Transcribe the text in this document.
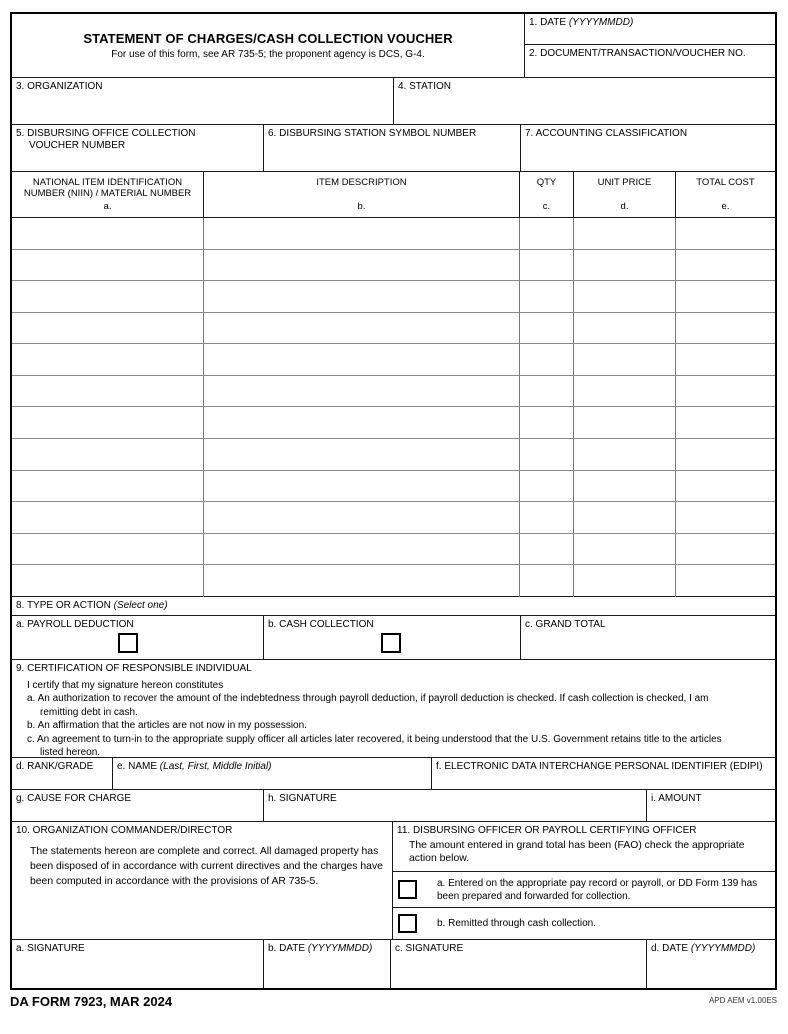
STATEMENT OF CHARGES/CASH COLLECTION VOUCHER
For use of this form, see AR 735-5; the proponent agency is DCS, G-4.
1. DATE (YYYYMMDD)
2. DOCUMENT/TRANSACTION/VOUCHER NO.
3. ORGANIZATION	4. STATION
5. DISBURSING OFFICE COLLECTION
VOUCHER NUMBER
6. DISBURSING STATION SYMBOL NUMBER	7. ACCOUNTING CLASSIFICATION
NATIONAL ITEM IDENTIFICATION
NUMBER (NIIN) / MATERIAL NUMBER
a.
ITEM DESCRIPTION
b.
QTY
c.
UNIT PRICE
d.
TOTAL COST
e.
8. TYPE OR ACTION (Select one)
a. PAYROLL DEDUCTION	b. CASH COLLECTION	c. GRAND TOTAL
9. CERTIFICATION OF RESPONSIBLE INDIVIDUAL
I certify that my signature hereon constitutes
a. An authorization to recover the amount of the indebtedness through payroll deduction, if payroll deduction is checked. If cash collection is checked, I am
remitting debt in cash.
b. An affirmation that the articles are not now in my possession.
c. An agreement to turn-in to the appropriate supply officer all articles later recovered, it being understood that the U.S. Government retains title to the articles
listed hereon.
d. RANK/GRADE	e. NAME (Last, First, Middle Initial)	f. ELECTRONIC DATA INTERCHANGE PERSONAL IDENTIFIER (EDIPI)
g. CAUSE FOR CHARGE	h. SIGNATURE	i. AMOUNT
10. ORGANIZATION COMMANDER/DIRECTOR
The statements hereon are complete and correct. All damaged property has been disposed of in accordance with current directives and the charges have been computed in accordance with the provisions of AR 735-5.
11. DISBURSING OFFICER OR PAYROLL CERTIFYING OFFICER
The amount entered in grand total has been (FAO) check the appropriate action below.
a. Entered on the appropriate pay record or payroll, or DD Form 139 has been prepared and forwarded for collection.
b. Remitted through cash collection.
a. SIGNATURE	b. DATE (YYYYMMDD)	c. SIGNATURE	d. DATE (YYYYMMDD)
DA FORM 7923, MAR 2024	APD AEM v1.00ES
